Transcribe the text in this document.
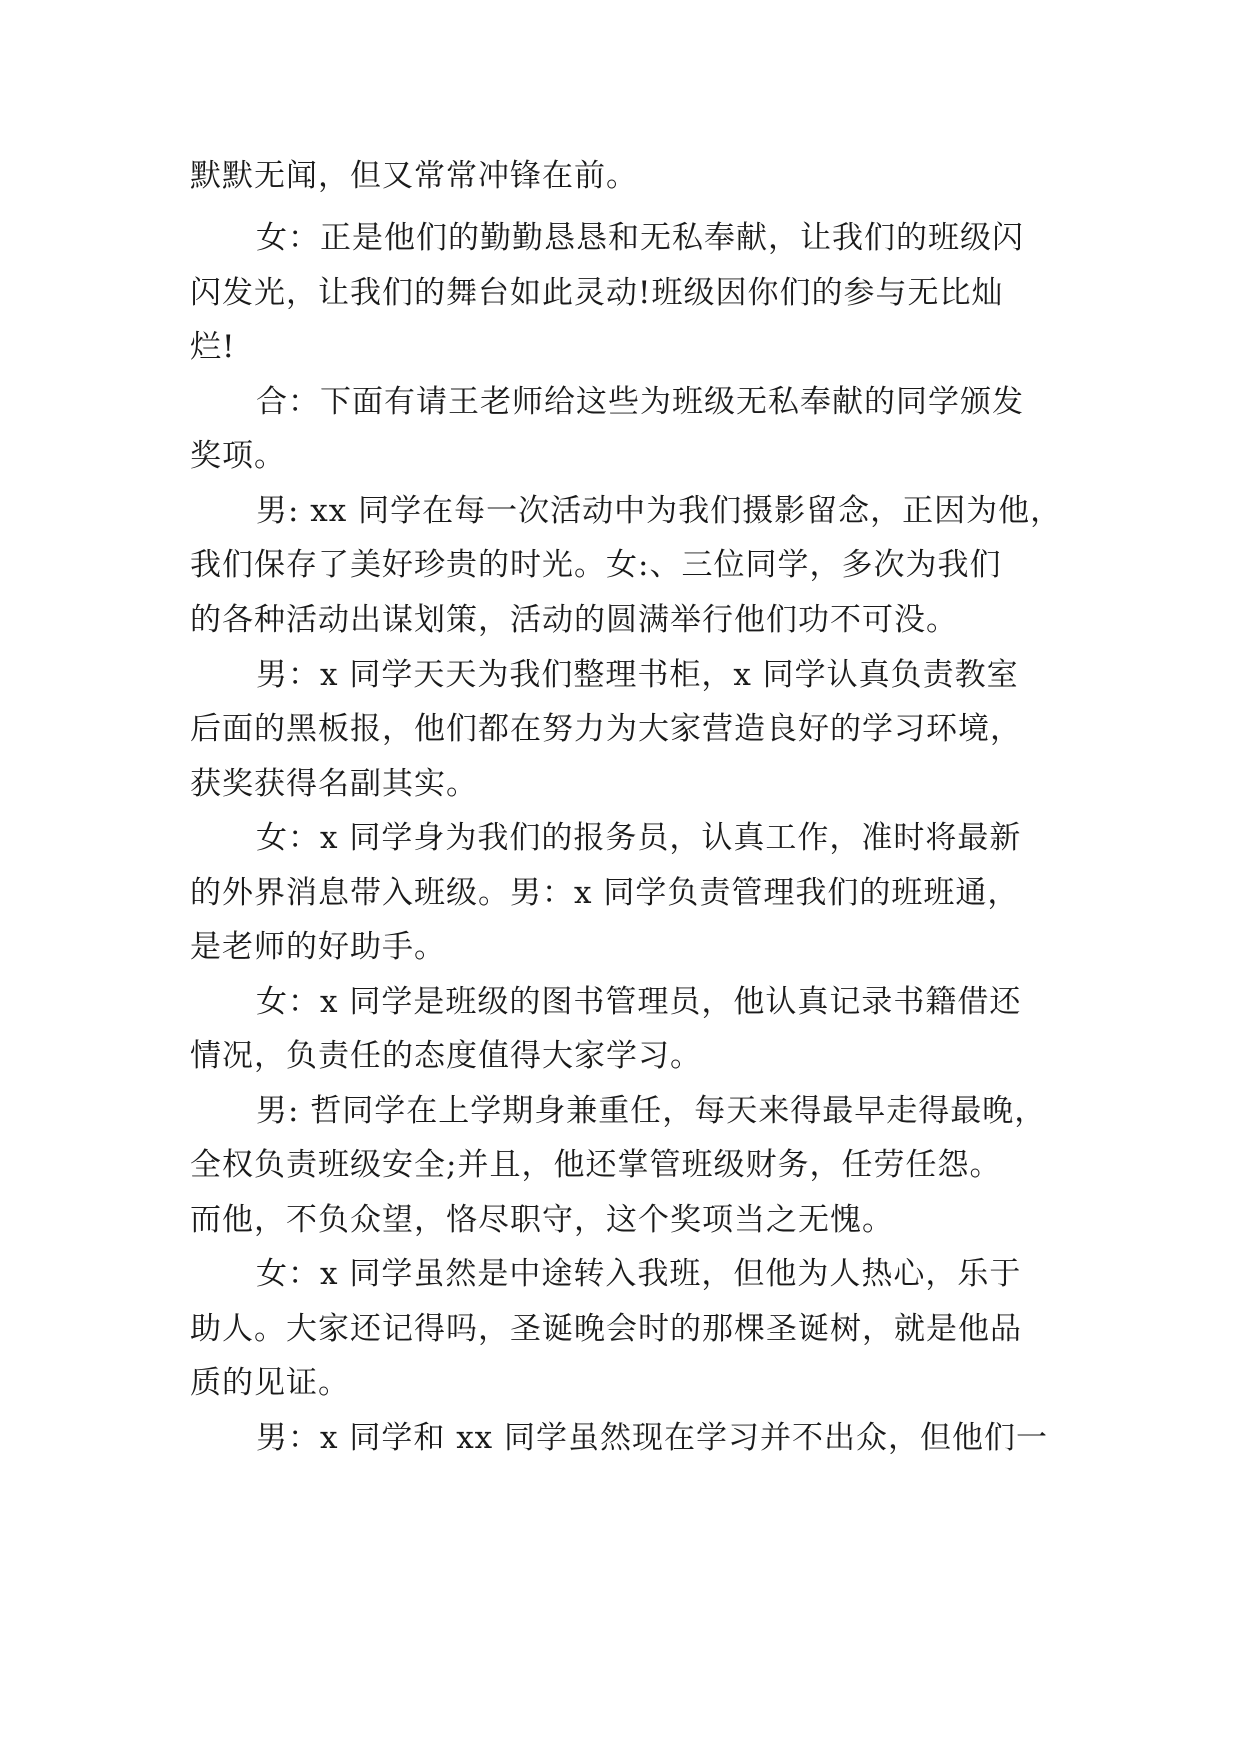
默默无闻，但又常常冲锋在前。
女：正是他们的勤勤恳恳和无私奉献，让我们的班级闪
闪发光，让我们的舞台如此灵动!班级因你们的参与无比灿
烂!
合：下面有请王老师给这些为班级无私奉献的同学颁发
奖项。
男: xx 同学在每一次活动中为我们摄影留念，正因为他，
我们保存了美好珍贵的时光。女:、三位同学，多次为我们
的各种活动出谋划策，活动的圆满举行他们功不可没。
男：x 同学天天为我们整理书柜，x 同学认真负责教室
后面的黑板报，他们都在努力为大家营造良好的学习环境，
获奖获得名副其实。
女：x 同学身为我们的报务员，认真工作，准时将最新
的外界消息带入班级。男：x 同学负责管理我们的班班通，
是老师的好助手。
女：x 同学是班级的图书管理员，他认真记录书籍借还
情况，负责任的态度值得大家学习。
男: 哲同学在上学期身兼重任，每天来得最早走得最晚，
全权负责班级安全;并且，他还掌管班级财务，任劳任怨。
而他，不负众望，恪尽职守，这个奖项当之无愧。
女：x 同学虽然是中途转入我班，但他为人热心，乐于
助人。大家还记得吗，圣诞晚会时的那棵圣诞树，就是他品
质的见证。
男：x 同学和 xx 同学虽然现在学习并不出众，但他们一
